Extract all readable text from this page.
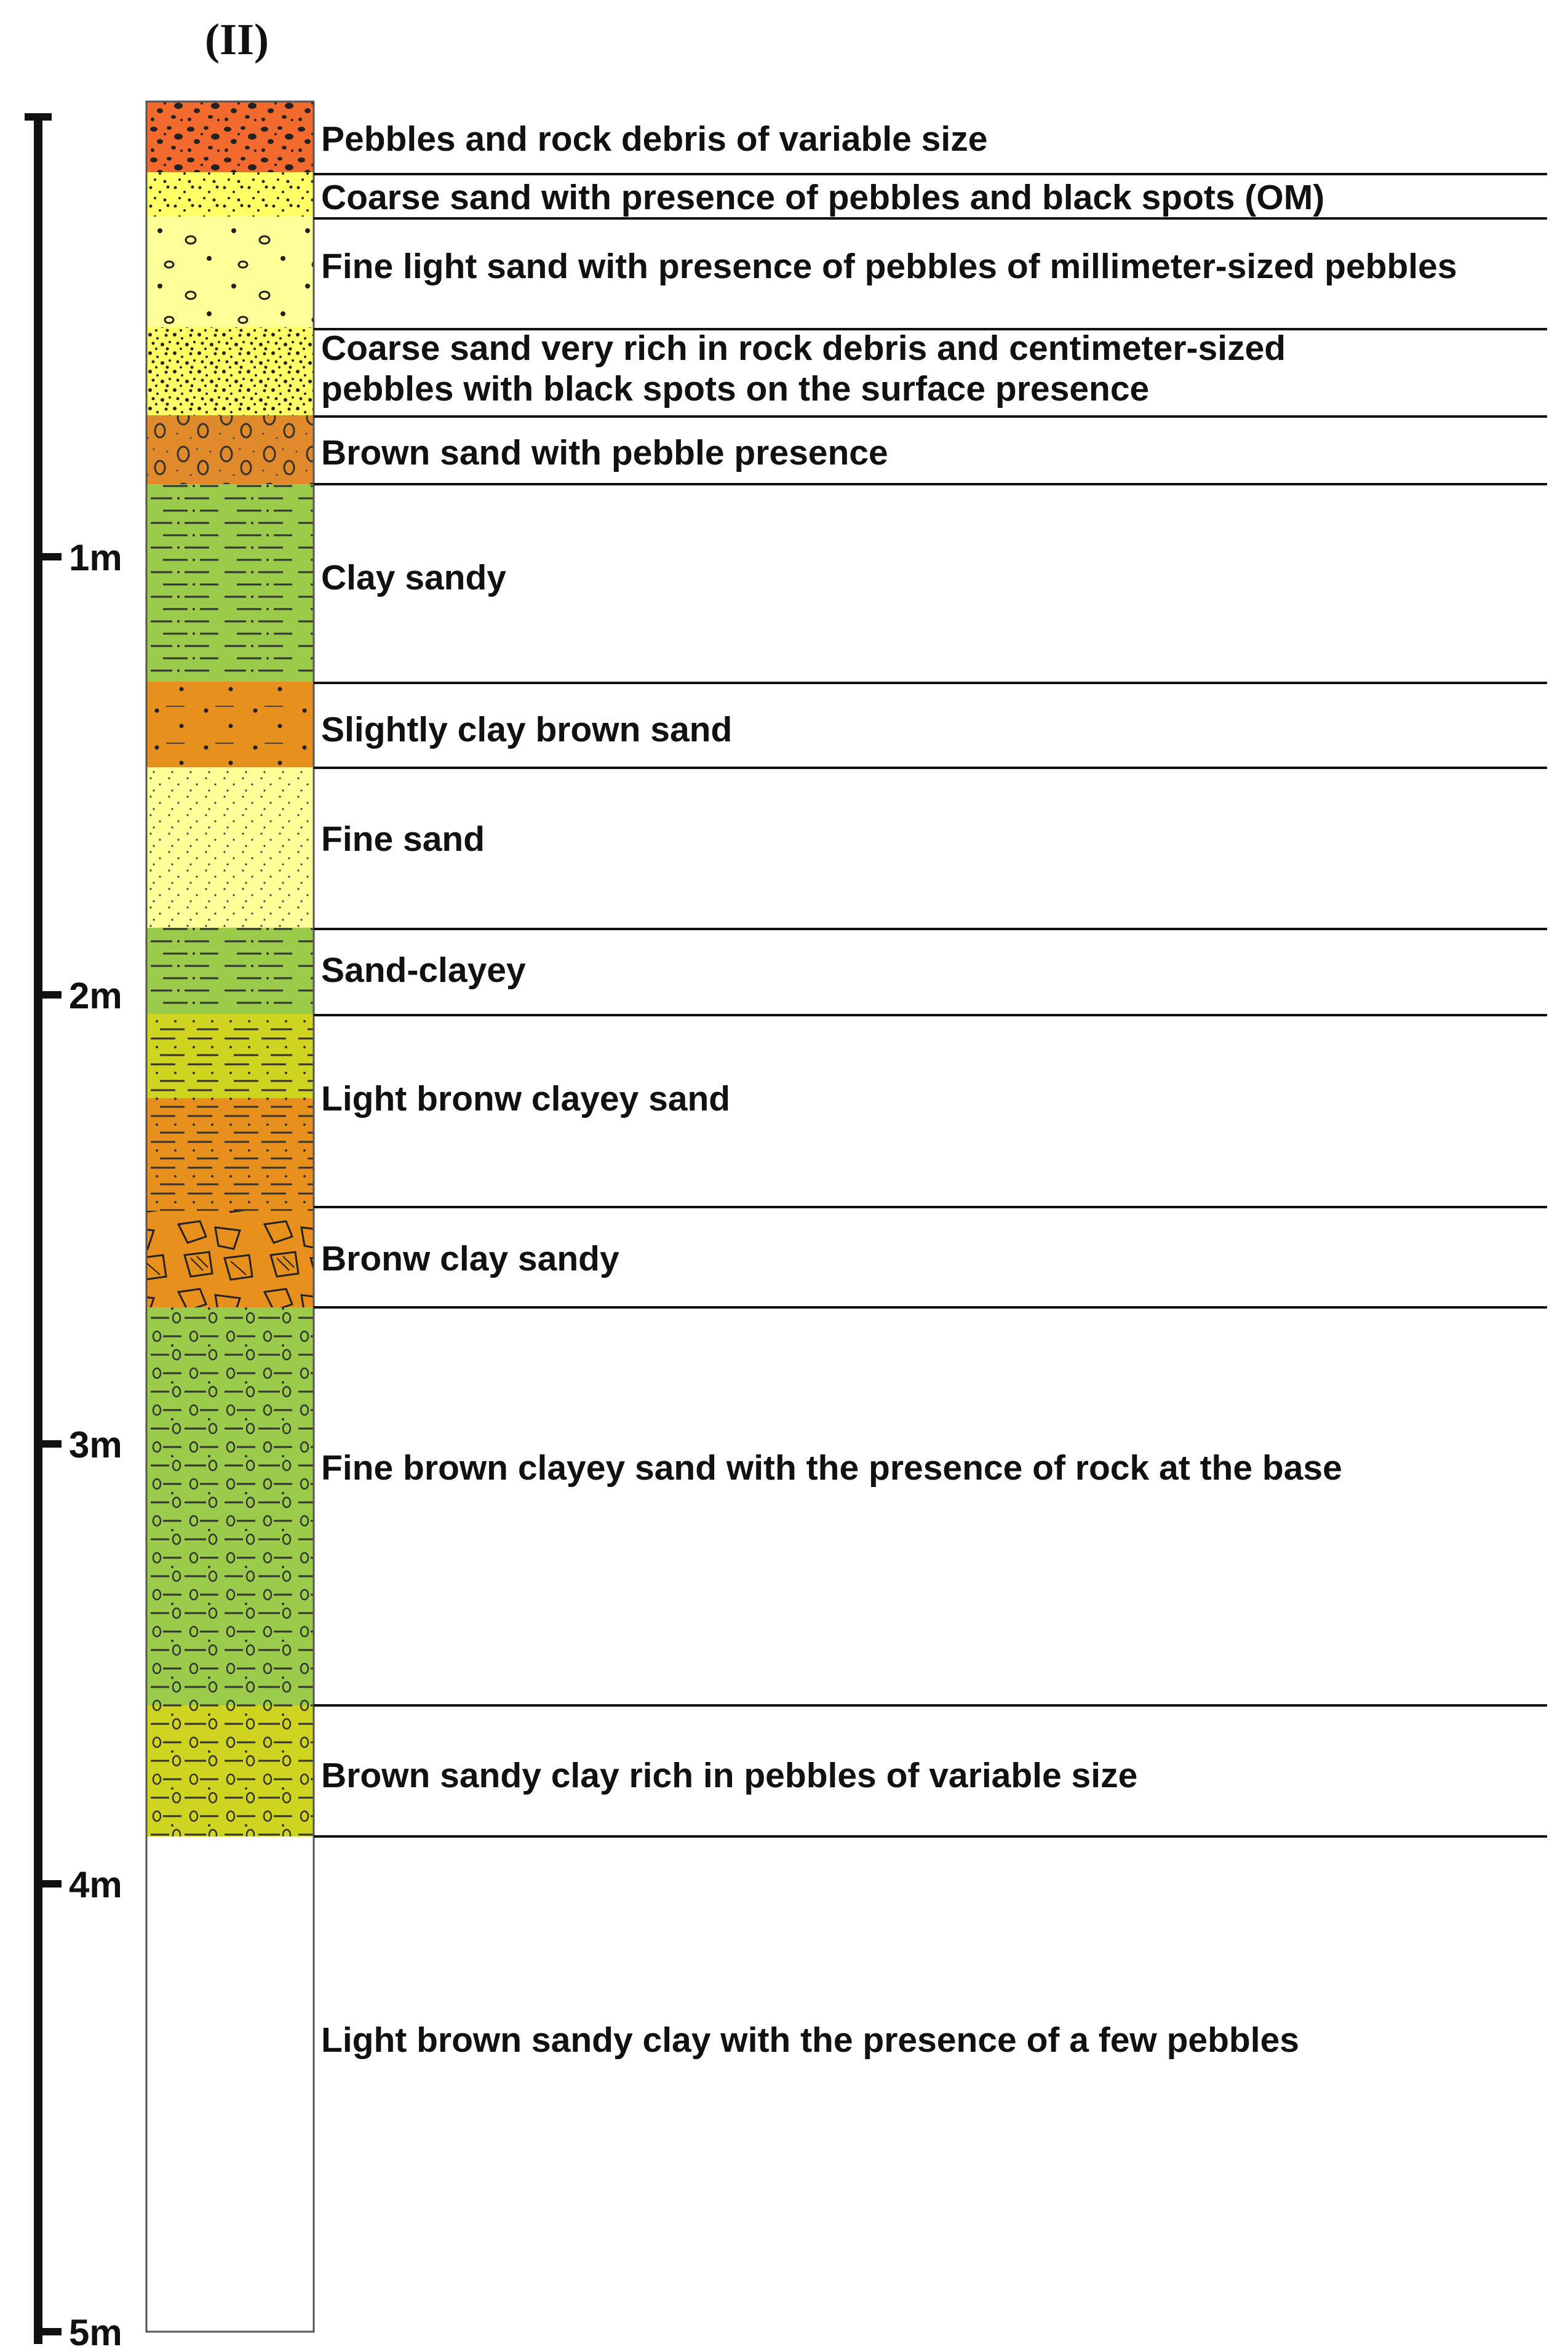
(II)
1m
2m
3m
4m
5m
Pebbles and rock debris of variable size
Coarse sand with presence of pebbles and black spots (OM)
Fine light sand with presence of pebbles of millimeter-sized pebbles
Coarse sand very rich in rock debris and centimeter-sized
pebbles with black spots on the surface presence
Brown sand with pebble presence
Clay sandy
Slightly clay brown sand
Fine sand
Sand-clayey
Light bronw clayey sand
Bronw clay sandy
Fine brown clayey sand with the presence of rock at the base
Brown sandy clay rich in pebbles of variable size
Light brown sandy clay with the presence of a few pebbles
